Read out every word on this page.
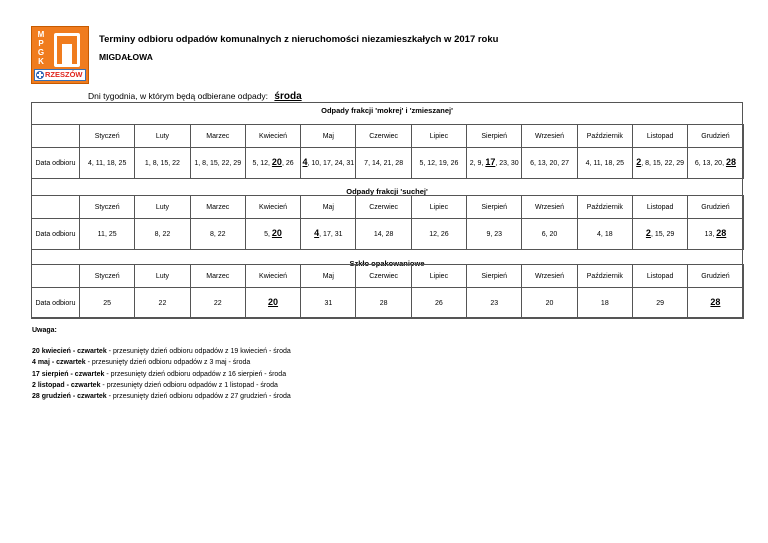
M
P
G
K
RZESZÓW
Terminy odbioru odpadów komunalnych z nieruchomości niezamieszkałych w 2017 roku
MIGDAŁOWA
Dni tygodnia, w którym będą odbierane odpady: środa
Odpady frakcji 'mokrej' i 'zmieszanej'
	Styczeń	Luty	Marzec	Kwiecień	Maj	Czerwiec	Lipiec	Sierpień	Wrzesień	Październik	Listopad	Grudzień
Data odbioru	4, 11, 18, 25	1, 8, 15, 22	1, 8, 15, 22, 29	5, 12, 20, 26	4, 10, 17, 24, 31	7, 14, 21, 28	5, 12, 19, 26	2, 9, 17, 23, 30	6, 13, 20, 27	4, 11, 18, 25	2, 8, 15, 22, 29	6, 13, 20, 28
Odpady frakcji 'suchej'
	Styczeń	Luty	Marzec	Kwiecień	Maj	Czerwiec	Lipiec	Sierpień	Wrzesień	Październik	Listopad	Grudzień
Data odbioru	11, 25	8, 22	8, 22	5, 20	4, 17, 31	14, 28	12, 26	9, 23	6, 20	4, 18	2, 15, 29	13, 28
Szkło opakowaniowe
	Styczeń	Luty	Marzec	Kwiecień	Maj	Czerwiec	Lipiec	Sierpień	Wrzesień	Październik	Listopad	Grudzień
Data odbioru	25	22	22	20	31	28	26	23	20	18	29	28
Uwaga:
20 kwiecień - czwartek - przesunięty dzień odbioru odpadów z 19 kwiecień - środa
4 maj - czwartek - przesunięty dzień odbioru odpadów z 3 maj - środa
17 sierpień - czwartek - przesunięty dzień odbioru odpadów z 16 sierpień - środa
2 listopad - czwartek - przesunięty dzień odbioru odpadów z 1 listopad - środa
28 grudzień - czwartek - przesunięty dzień odbioru odpadów z 27 grudzień - środa
